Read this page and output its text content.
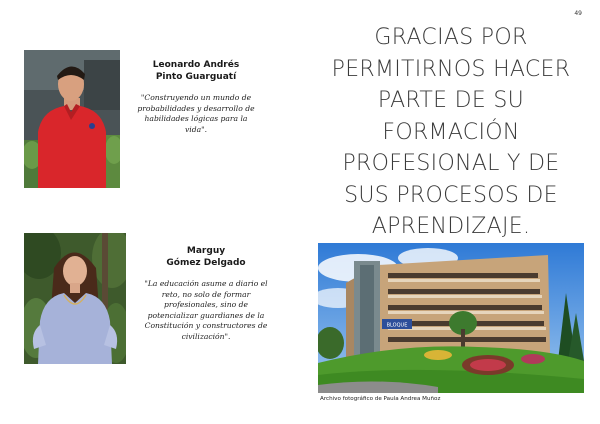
49
Leonardo Andrés
Pinto Guarguatí
"Construyendo un mundo de
probabilidades y desarrollo de
habilidades lógicas para la
vida".
Marguy
Gómez Delgado
"La educación asume a diario el
reto, no solo de formar
profesionales, sino de
potencializar guardianes de la
Constitución y constructores de
civilización".
GRACIAS POR
PERMITIRNOS HACER
PARTE DE SU
FORMACIÓN
PROFESIONAL Y DE
SUS PROCESOS DE
APRENDIZAJE.
BLOQUE
Archivo fotográfico de Paula Andrea Muñoz
